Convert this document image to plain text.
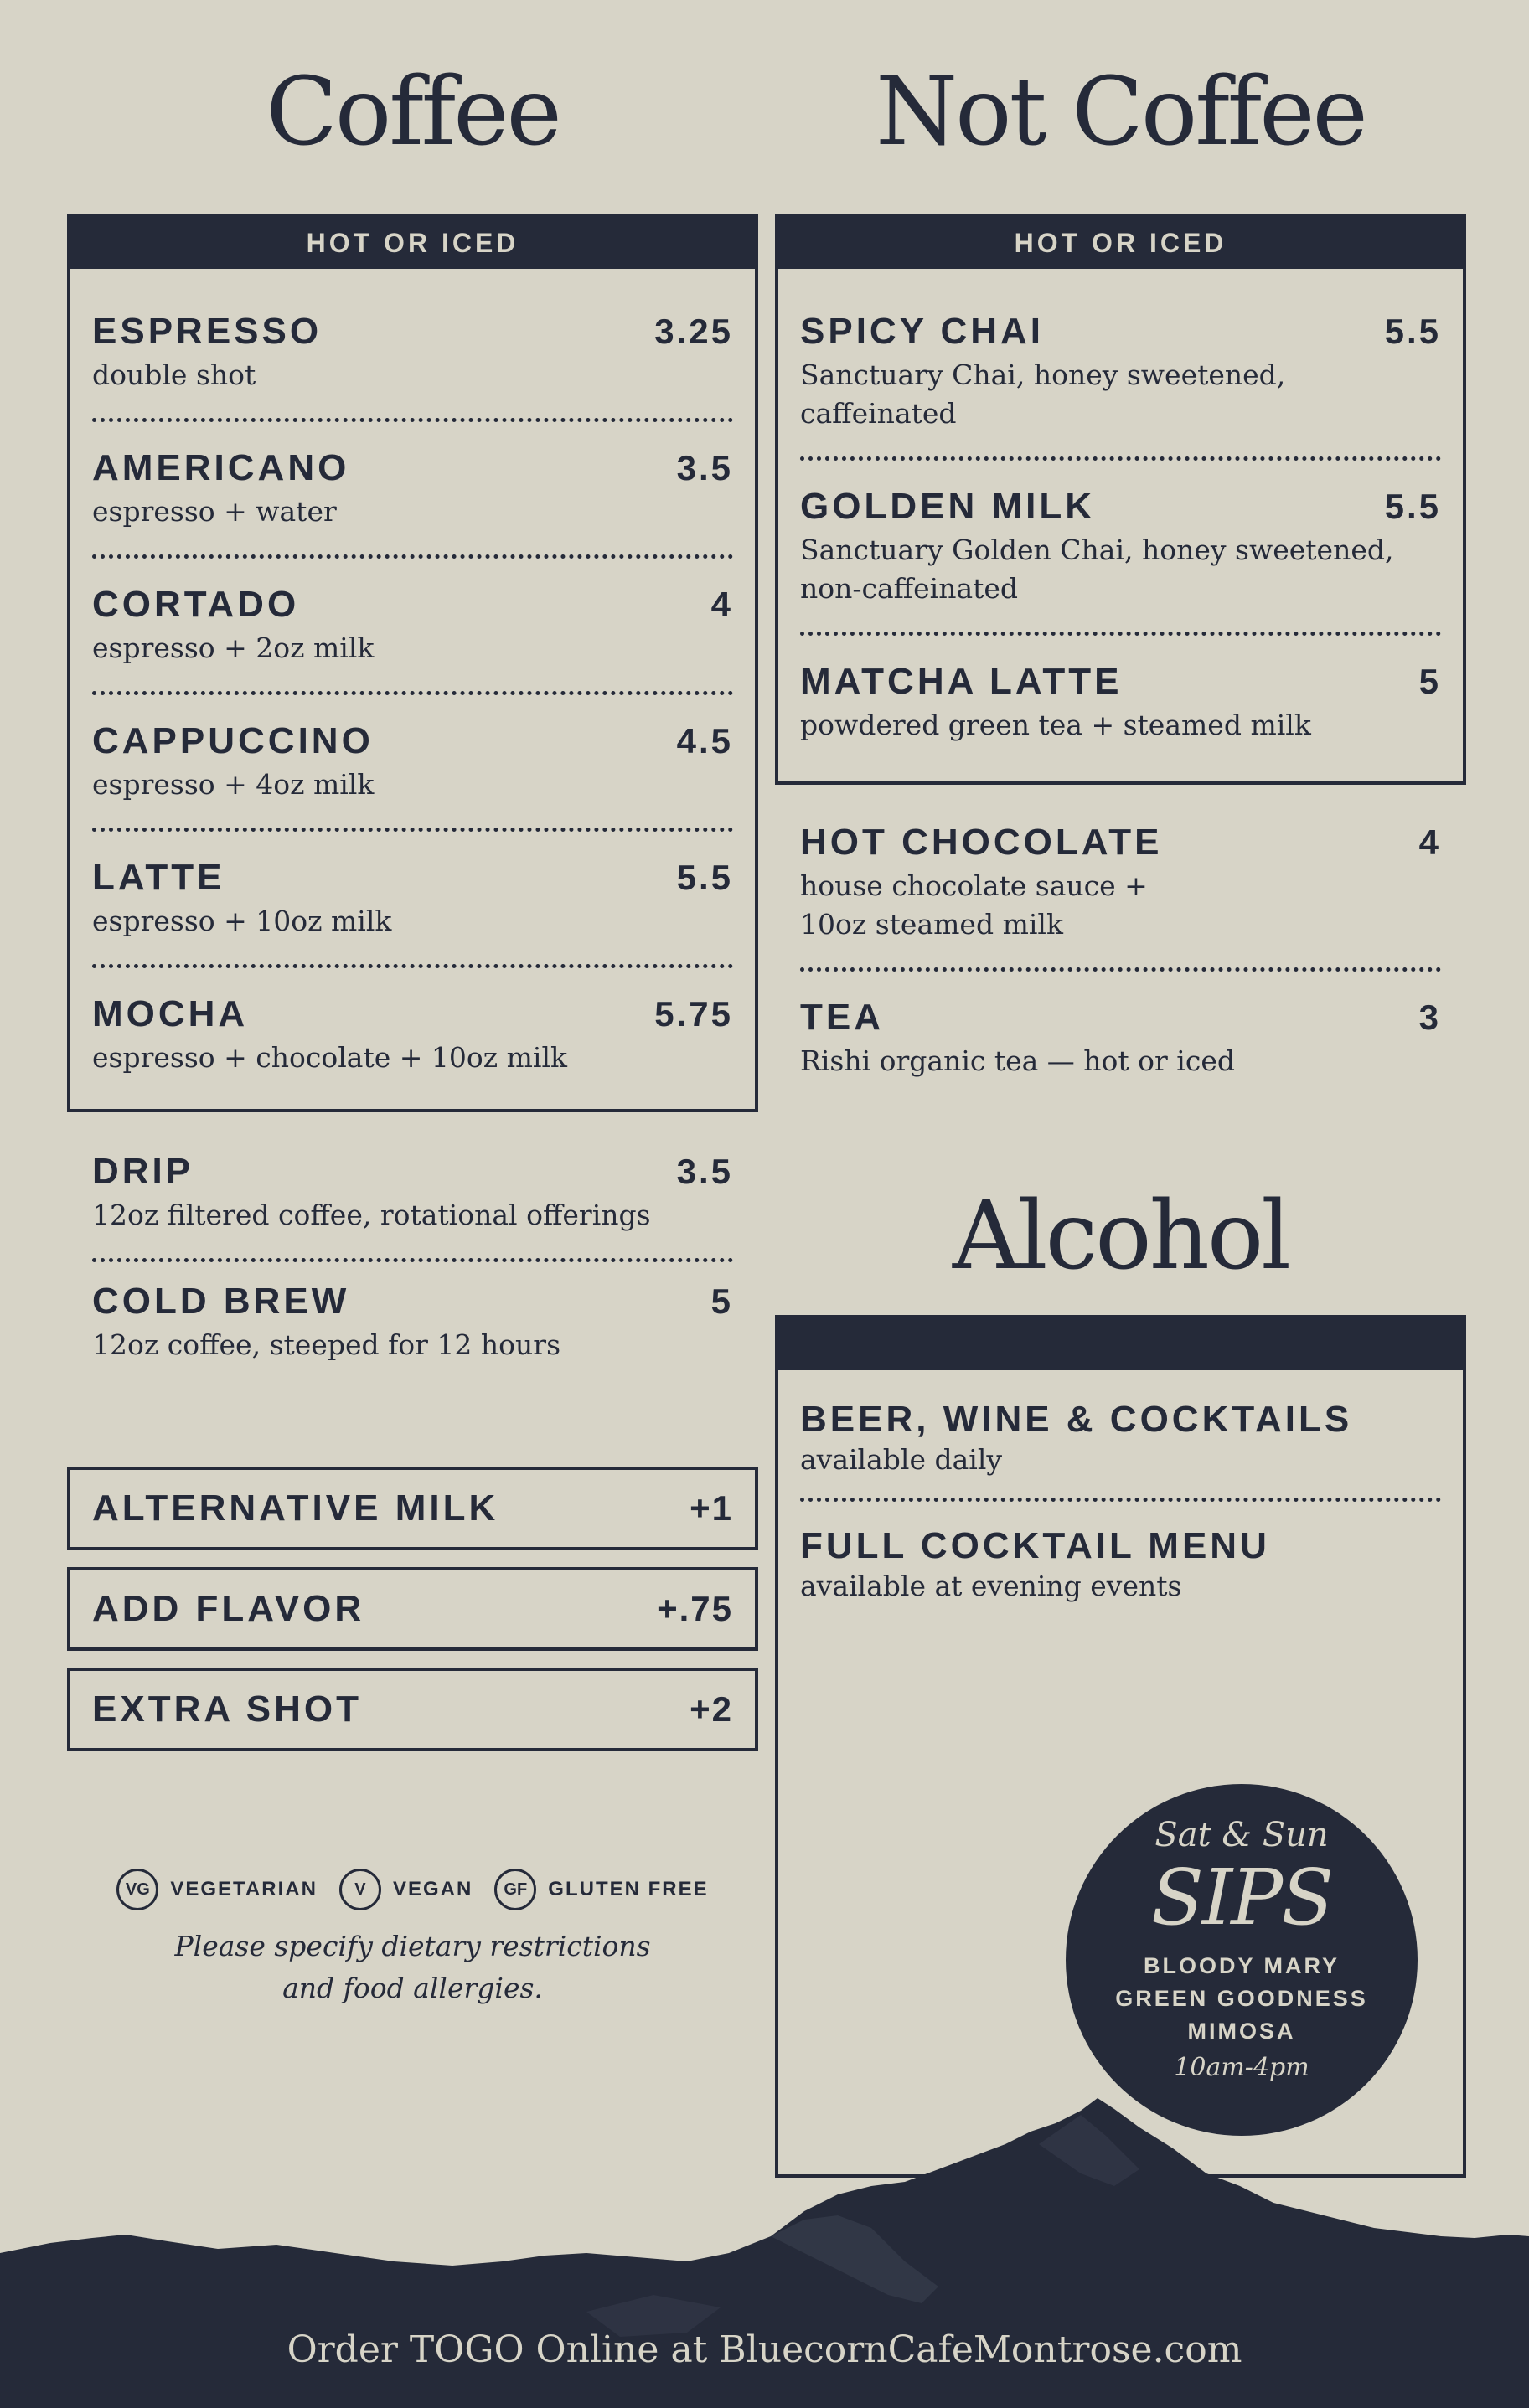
Coffee
HOT OR ICED
ESPRESSO	3.25
double shot
AMERICANO	3.5
espresso + water
CORTADO	4
espresso + 2oz milk
CAPPUCCINO	4.5
espresso + 4oz milk
LATTE	5.5
espresso + 10oz milk
MOCHA	5.75
espresso + chocolate + 10oz milk
DRIP	3.5
12oz filtered coffee, rotational offerings
COLD BREW	5
12oz coffee, steeped for 12 hours
ALTERNATIVE MILK	+1
ADD FLAVOR	+.75
EXTRA SHOT	+2
VG	VEGETARIAN	V	VEGAN	GF	GLUTEN FREE
Please specify dietary restrictions
and food allergies.
Not Coffee
HOT OR ICED
SPICY CHAI	5.5
Sanctuary Chai, honey sweetened, caffeinated
GOLDEN MILK	5.5
Sanctuary Golden Chai, honey sweetened, non-caffeinated
MATCHA LATTE	5
powdered green tea + steamed milk
HOT CHOCOLATE	4
house chocolate sauce + 10oz steamed milk
TEA	3
Rishi organic tea — hot or iced
Alcohol
BEER, WINE & COCKTAILS
available daily
FULL COCKTAIL MENU
available at evening events
Sat & Sun
SIPS
BLOODY MARY
GREEN GOODNESS
MIMOSA
10am-4pm
Order TOGO Online at BluecornCafeMontrose.com
